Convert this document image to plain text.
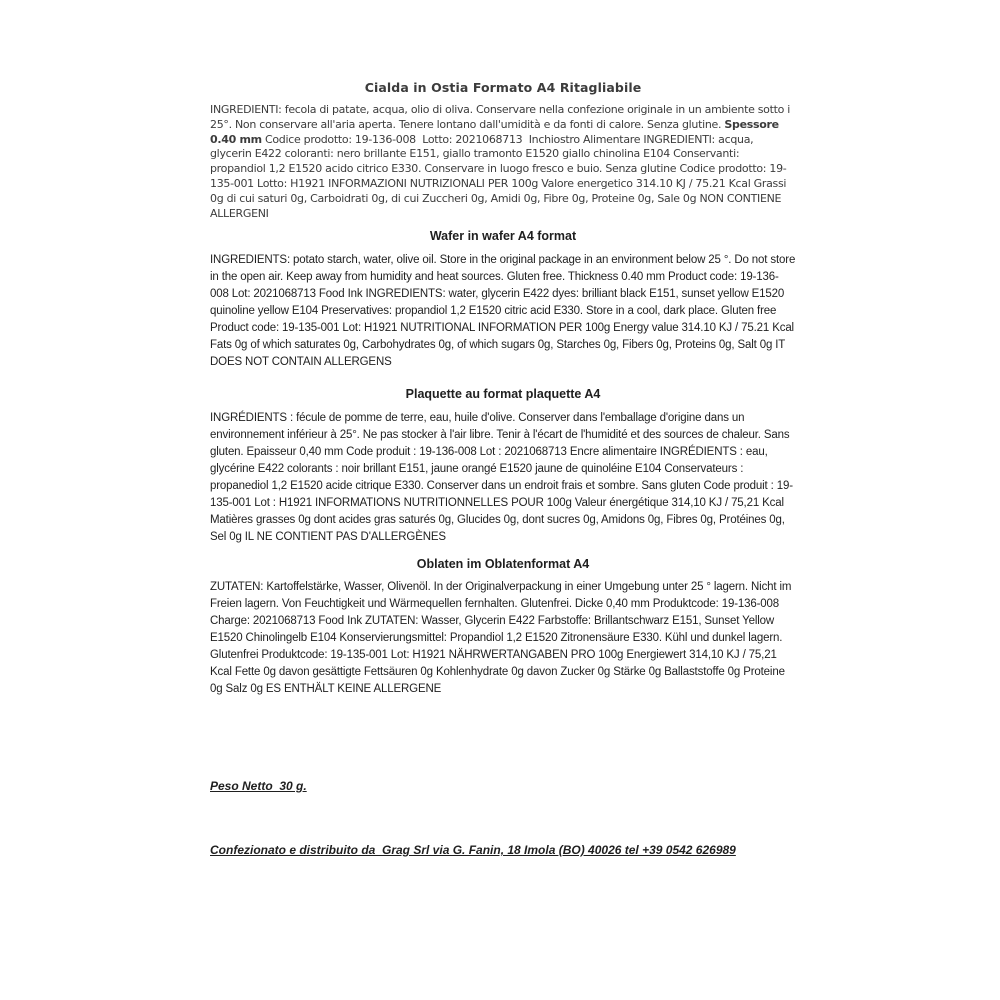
Cialda in Ostia Formato A4 Ritagliabile
INGREDIENTI: fecola di patate, acqua, olio di oliva. Conservare nella confezione originale in un ambiente sotto i 25°. Non conservare all'aria aperta. Tenere lontano dall'umidità e da fonti di calore. Senza glutine. Spessore 0.40 mm Codice prodotto: 19-136-008  Lotto: 2021068713  Inchiostro Alimentare INGREDIENTI: acqua, glycerin E422 coloranti: nero brillante E151, giallo tramonto E1520 giallo chinolina E104 Conservanti: propandiol 1,2 E1520 acido citrico E330. Conservare in luogo fresco e buio. Senza glutine Codice prodotto: 19-135-001 Lotto: H1921 INFORMAZIONI NUTRIZIONALI PER 100g Valore energetico 314.10 KJ / 75.21 Kcal Grassi 0g di cui saturi 0g, Carboidrati 0g, di cui Zuccheri 0g, Amidi 0g, Fibre 0g, Proteine 0g, Sale 0g NON CONTIENE ALLERGENI
Wafer in wafer A4 format
INGREDIENTS: potato starch, water, olive oil. Store in the original package in an environment below 25 °. Do not store in the open air. Keep away from humidity and heat sources. Gluten free. Thickness 0.40 mm Product code: 19-136-008 Lot: 2021068713 Food Ink INGREDIENTS: water, glycerin E422 dyes: brilliant black E151, sunset yellow E1520 quinoline yellow E104 Preservatives: propandiol 1,2 E1520 citric acid E330. Store in a cool, dark place. Gluten free Product code: 19-135-001 Lot: H1921 NUTRITIONAL INFORMATION PER 100g Energy value 314.10 KJ / 75.21 Kcal Fats 0g of which saturates 0g, Carbohydrates 0g, of which sugars 0g, Starches 0g, Fibers 0g, Proteins 0g, Salt 0g IT DOES NOT CONTAIN ALLERGENS
Plaquette au format plaquette A4
INGRÉDIENTS : fécule de pomme de terre, eau, huile d'olive. Conserver dans l'emballage d'origine dans un environnement inférieur à 25°. Ne pas stocker à l'air libre. Tenir à l'écart de l'humidité et des sources de chaleur. Sans gluten. Epaisseur 0,40 mm Code produit : 19-136-008 Lot : 2021068713 Encre alimentaire INGRÉDIENTS : eau, glycérine E422 colorants : noir brillant E151, jaune orangé E1520 jaune de quinoléine E104 Conservateurs : propanediol 1,2 E1520 acide citrique E330. Conserver dans un endroit frais et sombre. Sans gluten Code produit : 19-135-001 Lot : H1921 INFORMATIONS NUTRITIONNELLES POUR 100g Valeur énergétique 314,10 KJ / 75,21 Kcal Matières grasses 0g dont acides gras saturés 0g, Glucides 0g, dont sucres 0g, Amidons 0g, Fibres 0g, Protéines 0g, Sel 0g IL NE CONTIENT PAS D'ALLERGÈNES
Oblaten im Oblatenformat A4
ZUTATEN: Kartoffelstärke, Wasser, Olivenöl. In der Originalverpackung in einer Umgebung unter 25 ° lagern. Nicht im Freien lagern. Von Feuchtigkeit und Wärmequellen fernhalten. Glutenfrei. Dicke 0,40 mm Produktcode: 19-136-008 Charge: 2021068713 Food Ink ZUTATEN: Wasser, Glycerin E422 Farbstoffe: Brillantschwarz E151, Sunset Yellow E1520 Chinolingelb E104 Konservierungsmittel: Propandiol 1,2 E1520 Zitronensäure E330. Kühl und dunkel lagern. Glutenfrei Produktcode: 19-135-001 Lot: H1921 NÄHRWERTANGABEN PRO 100g Energiewert 314,10 KJ / 75,21 Kcal Fette 0g davon gesättigte Fettsäuren 0g Kohlenhydrate 0g davon Zucker 0g Stärke 0g Ballaststoffe 0g Proteine 0g Salz 0g ES ENTHÄLT KEINE ALLERGENE
Peso Netto  30 g.
Confezionato e distribuito da  Grag Srl via G. Fanin, 18 Imola (BO) 40026 tel +39 0542 626989
